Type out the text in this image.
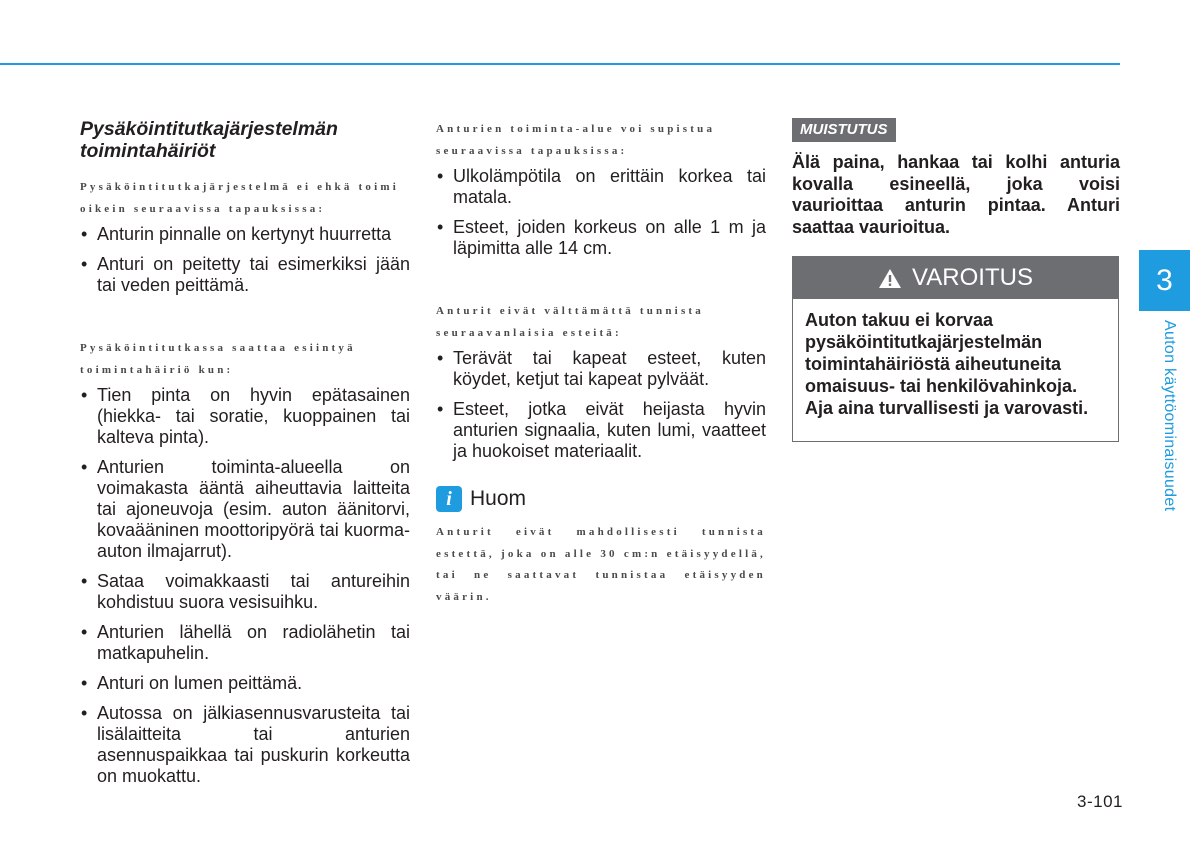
Pysäköintitutkajärjestelmän toimintahäiriöt

Pysäköintitutkajärjestelmä ei ehkä toimi oikein seuraavissa tapauksissa:

• Anturin pinnalle on kertynyt huurretta
• Anturi on peitetty tai esimerkiksi jään tai veden peittämä.

Pysäköintitutkassa saattaa esiintyä toimintahäiriö kun:

• Tien pinta on hyvin epätasainen (hiekka- tai soratie, kuoppainen tai kalteva pinta).
• Anturien toiminta-alueella on voimakasta ääntä aiheuttavia laitteita tai ajoneuvoja (esim. auton äänitorvi, kovaääninen moottoripyörä tai kuorma-auton ilmajarrut).
• Sataa voimakkaasti tai antureihin kohdistuu suora vesisuihku.
• Anturien lähellä on radiolähetin tai matkapuhelin.
• Anturi on lumen peittämä.
• Autossa on jälkiasennusvarusteita tai lisälaitteita tai anturien asennuspaikkaa tai puskurin korkeutta on muokattu.

Anturien toiminta-alue voi supistua seuraavissa tapauksissa:

• Ulkolämpötila on erittäin korkea tai matala.
• Esteet, joiden korkeus on alle 1 m ja läpimitta alle 14 cm.

Anturit eivät välttämättä tunnista seuraavanlaisia esteitä:

• Terävät tai kapeat esteet, kuten köydet, ketjut tai kapeat pylväät.
• Esteet, jotka eivät heijasta hyvin anturien signaalia, kuten lumi, vaatteet ja huokoiset materiaalit.
i Huom

Anturit eivät mahdollisesti tunnista estettä, joka on alle 30 cm:n etäisyydellä, tai ne saattavat tunnistaa etäisyyden väärin.

MUISTUTUS

Älä paina, hankaa tai kolhi anturia kovalla esineellä, joka voisi vaurioittaa anturin pintaa. Anturi saattaa vaurioitua.

VAROITUS
Auton takuu ei korvaa pysäköintitutkajärjestelmän toimintahäiriöstä aiheutuneita omaisuus- tai henkilövahinkoja. Aja aina turvallisesti ja varovasti.
3
Auton käyttöominaisuudet
3-101
